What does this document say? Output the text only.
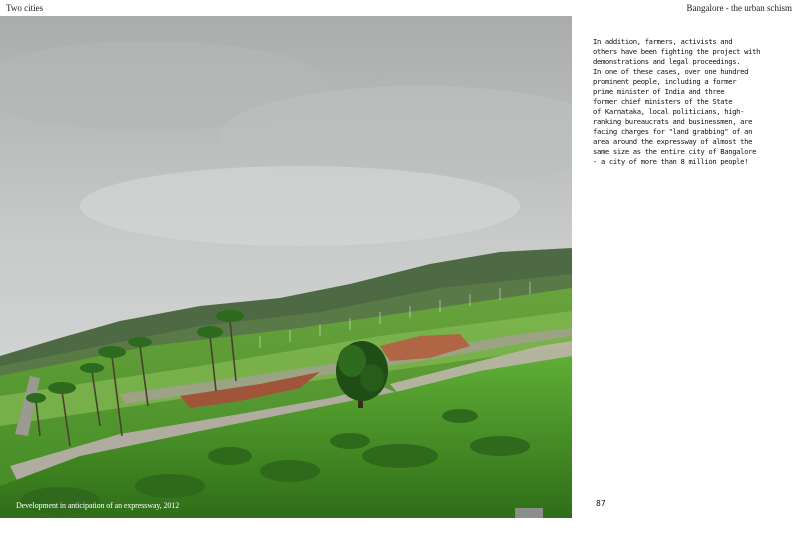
Two cities	Bangalore - the urban schism
Development in anticipation of an expressway, 2012

In addition, farmers, activists and
others have been fighting the project with
demonstrations and legal proceedings.
In one of these cases, over one hundred
prominent people, including a former
prime minister of India and three
former chief ministers of the State
of Karnataka, local politicians, high-
ranking bureaucrats and businessmen, are
facing charges for "land grabbing" of an
area around the expressway of almost the
same size as the entire city of Bangalore
- a city of more than 8 million people!

87
